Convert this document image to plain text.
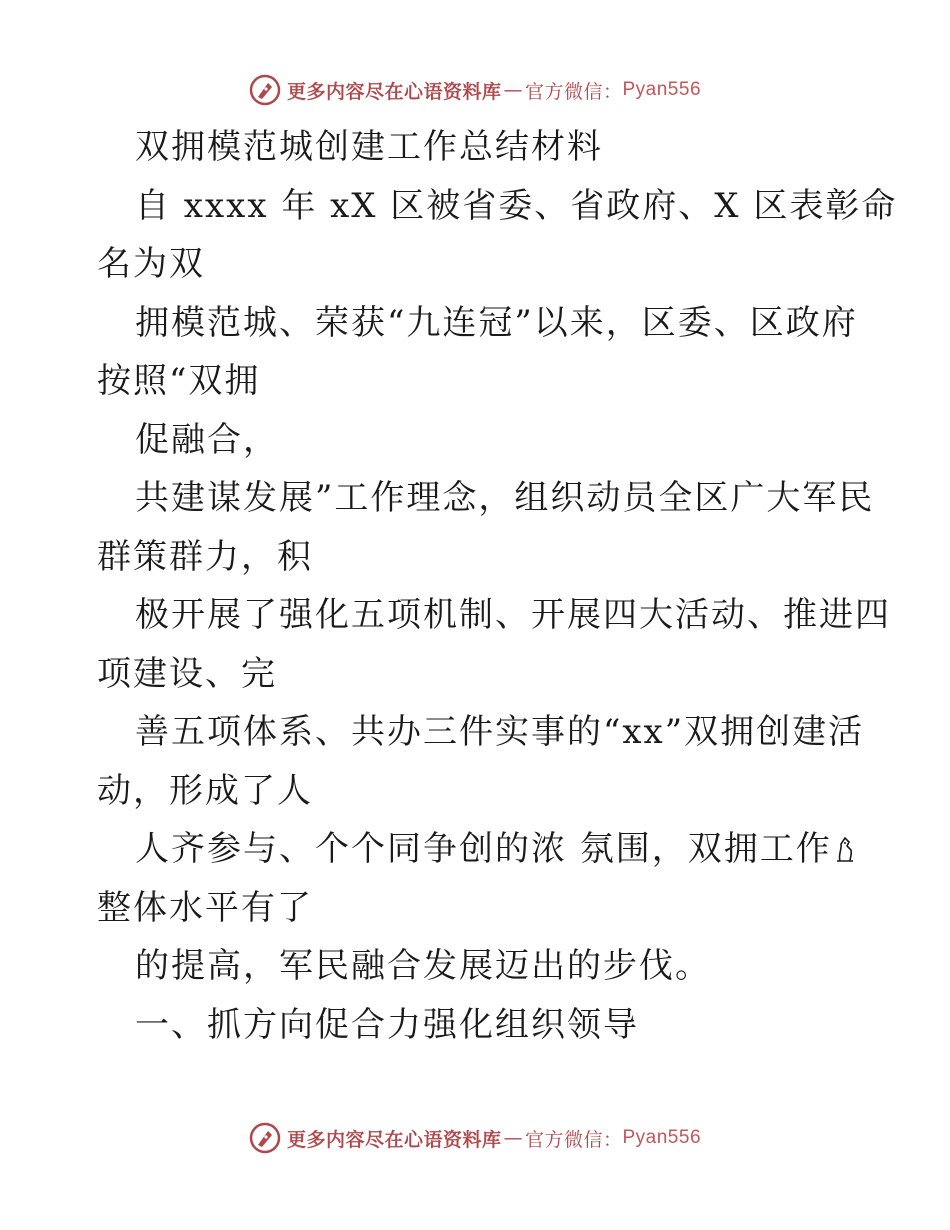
更多内容尽在心语资料库 — 官方微信： Pyan556

双拥模范城创建工作总结材料

自 xxxx 年 xX 区被省委、省政府、X 区表彰命

名为双

拥模范城、荣获“九连冠”以来，区委、区政府

按照“双拥

促融合，

共建谋发展”工作理念，组织动员全区广大军民

群策群力，积

极开展了强化五项机制、开展四大活动、推进四

项建设、完

善五项体系、共办三件实事的“xx”双拥创建活

动，形成了人

人齐参与、个个同争创的浓 氛围，双拥工作

整体水平有了

的提高，军民融合发展迈出的步伐。

一、抓方向促合力强化组织领导

更多内容尽在心语资料库 — 官方微信： Pyan556
